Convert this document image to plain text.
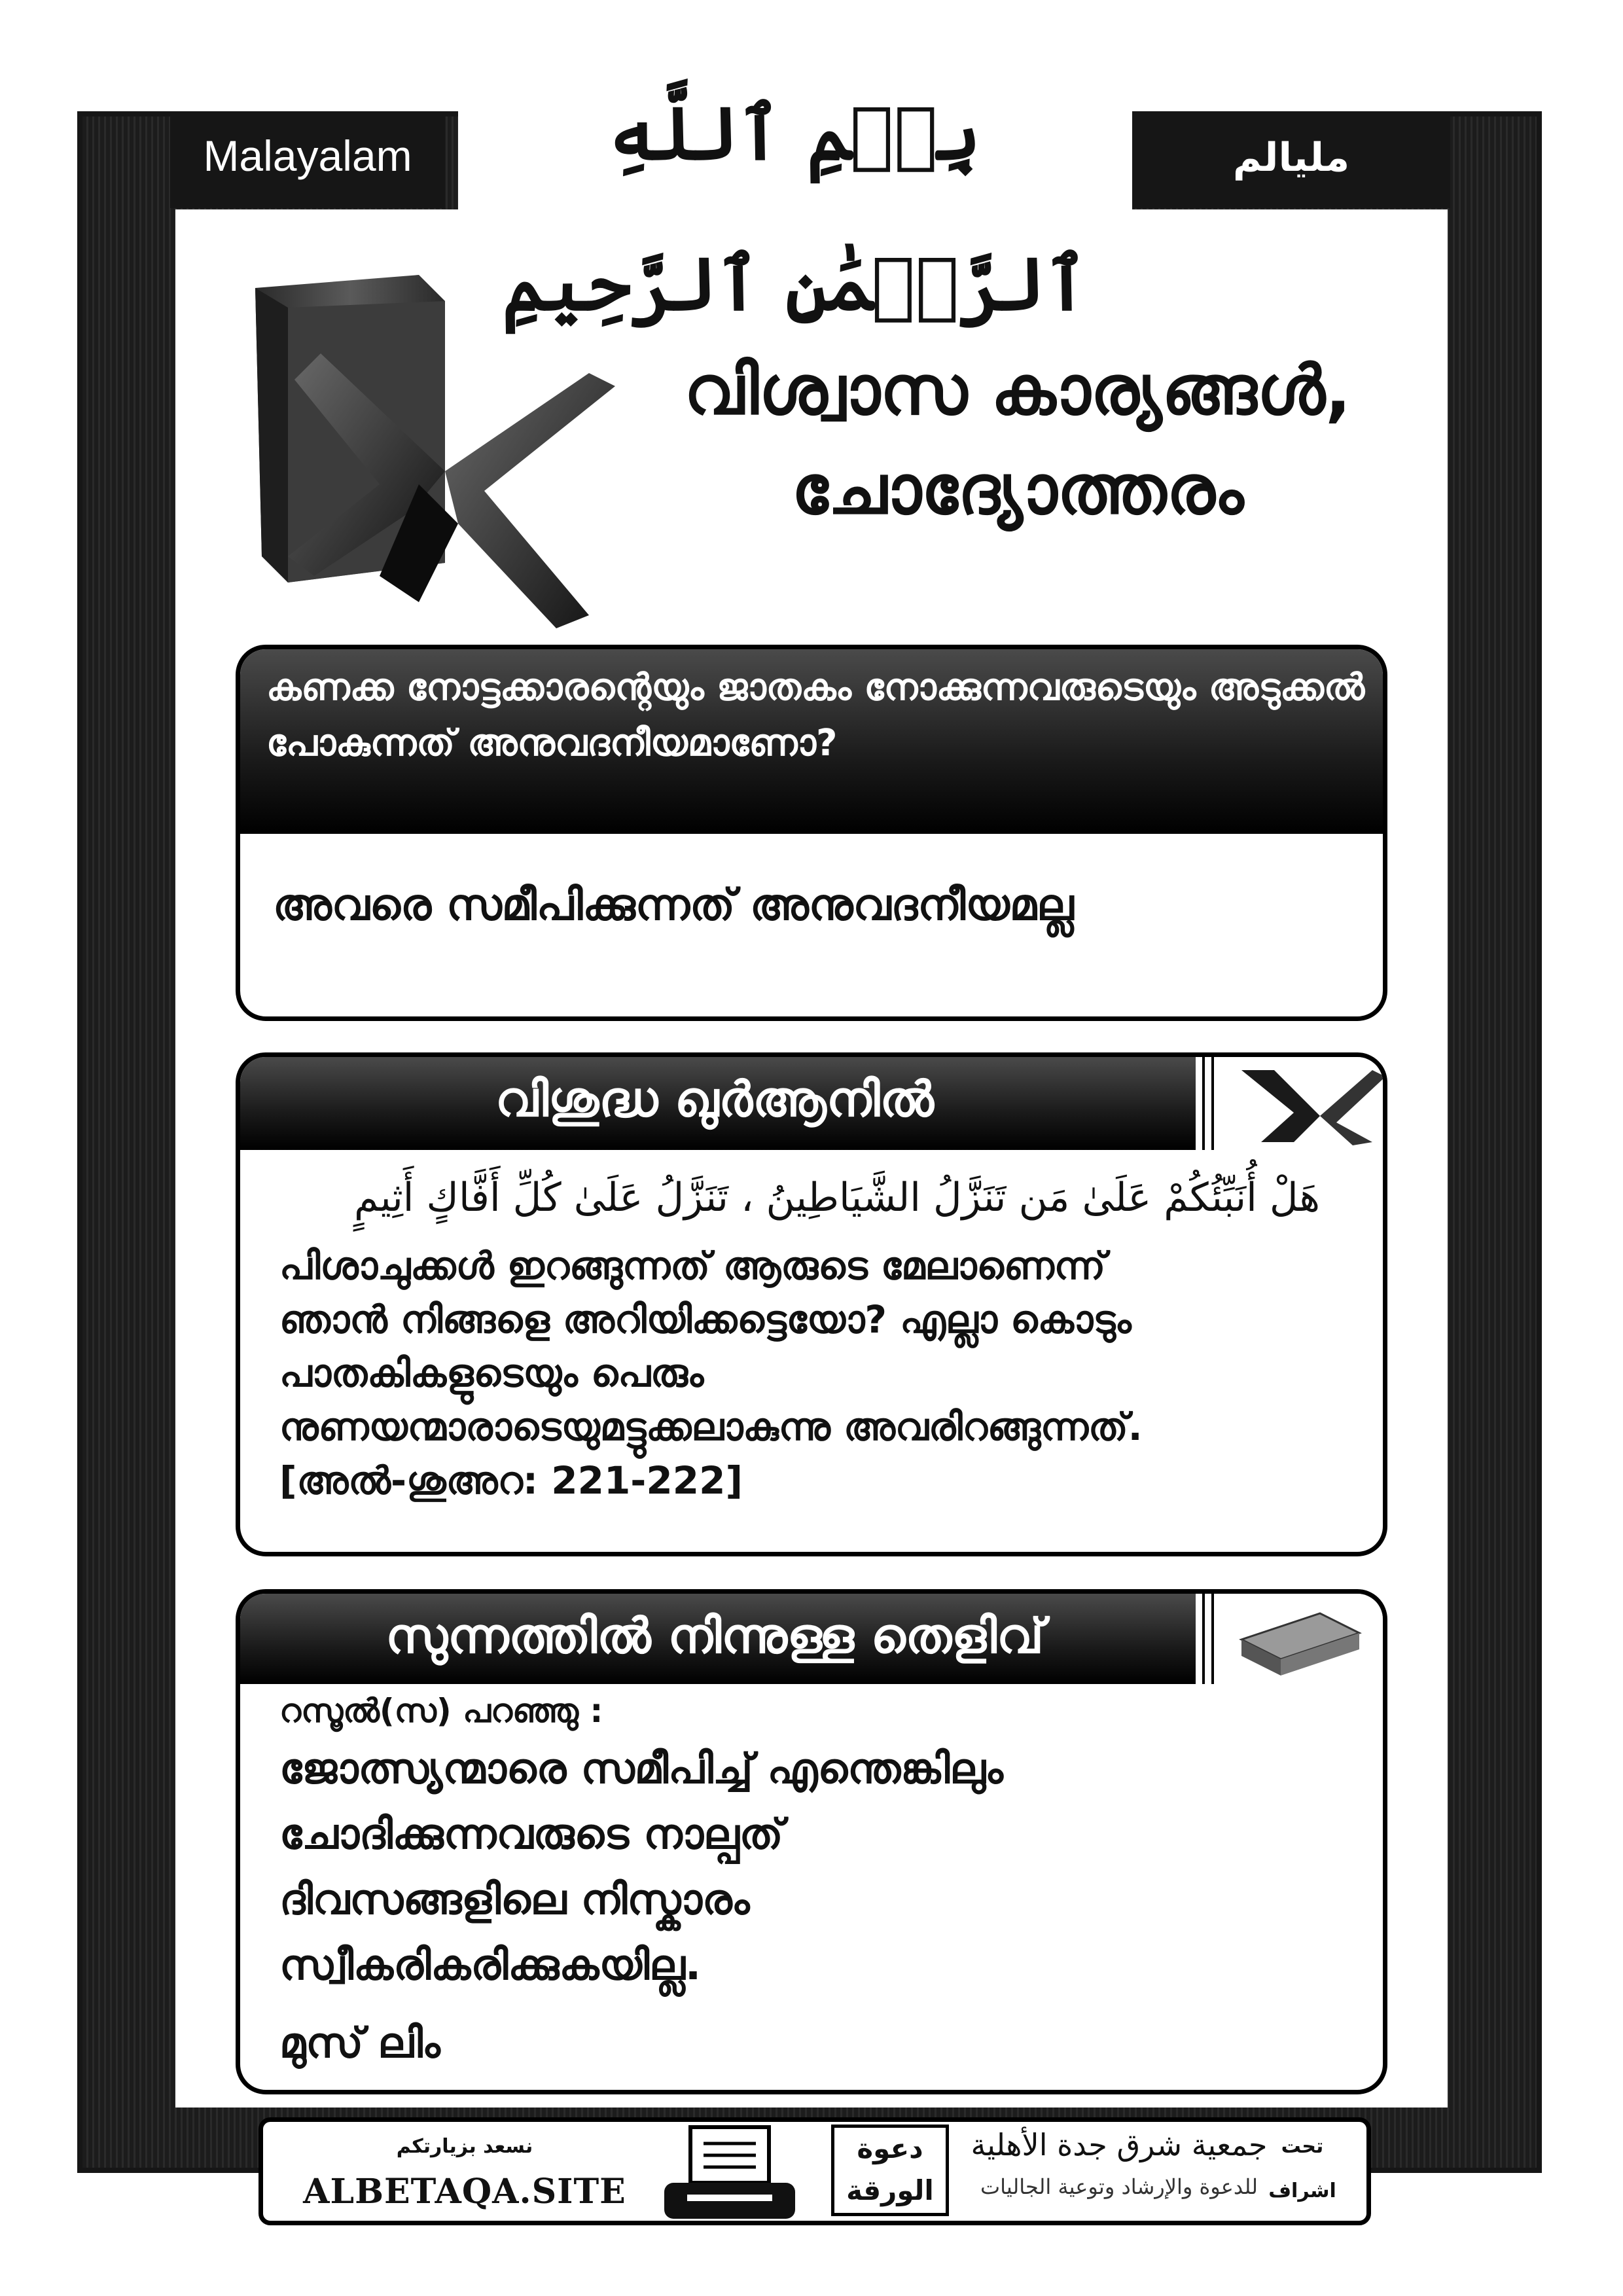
Malayalam	مليالم
بِسۡمِ ٱللَّهِ ٱلرَّحۡمَٰنِ ٱلرَّحِيمِ
വിശ്വാസ കാര്യങ്ങൾ,
ചോദ്യോത്തരം
കണക്ക നോട്ടക്കാരന്റെയും ജാതകം നോക്കുന്നവരുടെയും അടുക്കൽ പോകുന്നത് അനുവദനീയമാണോ?
അവരെ സമീപിക്കുന്നത് അനുവദനീയമല്ല
വിശുദ്ധ ഖുർആനിൽ
هَلْ أُنَبِّئُكُمْ عَلَىٰ مَن تَنَزَّلُ الشَّيَاطِينُ ، تَنَزَّلُ عَلَىٰ كُلِّ أَفَّاكٍ أَثِيمٍ
പിശാചുക്കൾ ഇറങ്ങുന്നത് ആരുടെ മേലാണെന്ന്
ഞാൻ നിങ്ങളെ അറിയിക്കട്ടെയോ? എല്ലാ കൊടും
പാതകികളുടെയും പെരും
നുണയന്മാരാടെയുമട്ടുക്കലാകുന്നു അവരിറങ്ങുന്നത്.
[അൽ-ശുഅറ: 221-222]
സുന്നത്തിൽ നിന്നുള്ള തെളിവ്
റസൂൽ(സ) പറഞ്ഞു :
ജോത്സ്യന്മാരെ സമീപിച്ച് എന്തെങ്കിലും
ചോദിക്കുന്നവരുടെ നാല്പത്
ദിവസങ്ങളിലെ നിസ്കാരം
സ്വീകരികരിക്കുകയില്ല.
മുസ് ലിം
نسعد بزيارتكم
ALBETAQA.SITE
دعوة الورقة
جمعية شرق جدة الأهلية
للدعوة والإرشاد وتوعية الجاليات
تحت
اشراف
